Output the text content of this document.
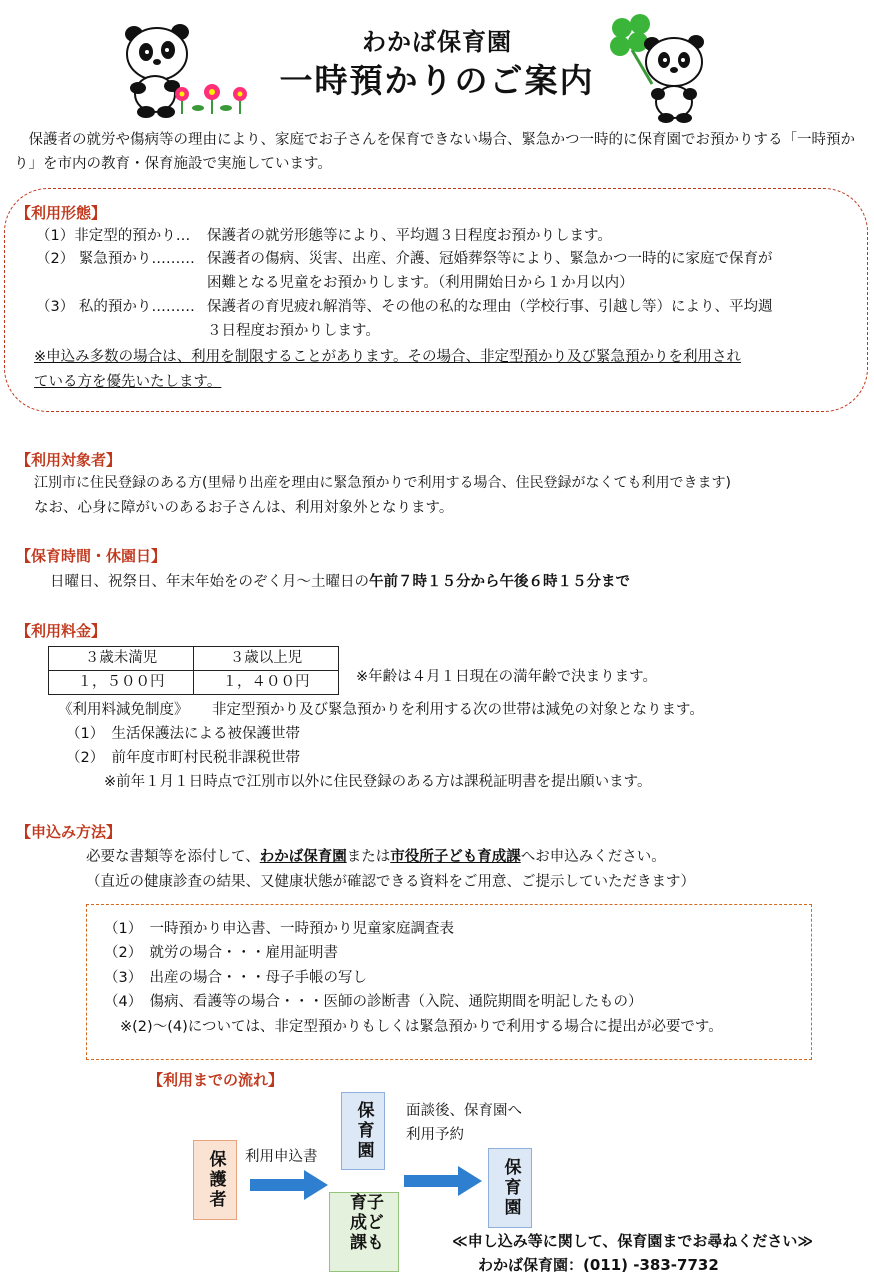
わかば保育園
一時預かりのご案内
保護者の就労や傷病等の理由により、家庭でお子さんを保育できない場合、緊急かつ一時的に保育園でお預かりする「一時預かり」を市内の教育・保育施設で実施しています。
【利用形態】
（1）非定型的預かり… 保護者の就労形態等により、平均週３日程度お預かりします。
（2） 緊急預かり……… 保護者の傷病、災害、出産、介護、冠婚葬祭等により、緊急かつ一時的に家庭で保育が
困難となる児童をお預かりします。（利用開始日から１か月以内）
（3） 私的預かり……… 保護者の育児疲れ解消等、その他の私的な理由（学校行事、引越し等）により、平均週
３日程度お預かりします。
※申込み多数の場合は、利用を制限することがあります。その場合、非定型預かり及び緊急預かりを利用され
ている方を優先いたします。
【利用対象者】
江別市に住民登録のある方(里帰り出産を理由に緊急預かりで利用する場合、住民登録がなくても利用できます)
なお、心身に障がいのあるお子さんは、利用対象外となります。
【保育時間・休園日】
日曜日、祝祭日、年末年始をのぞく月～土曜日の午前７時１５分から午後６時１５分まで
【利用料金】
３歳未満児	３歳以上児
１，５００円	１，４００円	※年齢は４月１日現在の満年齢で決まります。
《利用料減免制度》 非定型預かり及び緊急預かりを利用する次の世帯は減免の対象となります。
（1）　生活保護法による被保護世帯
（2）　前年度市町村民税非課税世帯
※前年１月１日時点で江別市以外に住民登録のある方は課税証明書を提出願います。
【申込み方法】
必要な書類等を添付して、わかば保育園または市役所子ども育成課へお申込みください。
（直近の健康診査の結果、又健康状態が確認できる資料をご用意、ご提示していただきます）
（1）　一時預かり申込書、一時預かり児童家庭調査表
（2）　就労の場合・・・雇用証明書
（3）　出産の場合・・・母子手帳の写し
（4）　傷病、看護等の場合・・・医師の診断書（入院、通院期間を明記したもの）
※(2)～(4)については、非定型預かりもしくは緊急預かりで利用する場合に提出が必要です。
【利用までの流れ】
保護者
保育園
子ども育成課
保育園
利用申込書
面談後、保育園へ
利用予約
≪申し込み等に関して、保育園までお尋ねください≫
わかば保育園：(011) -383-7732
